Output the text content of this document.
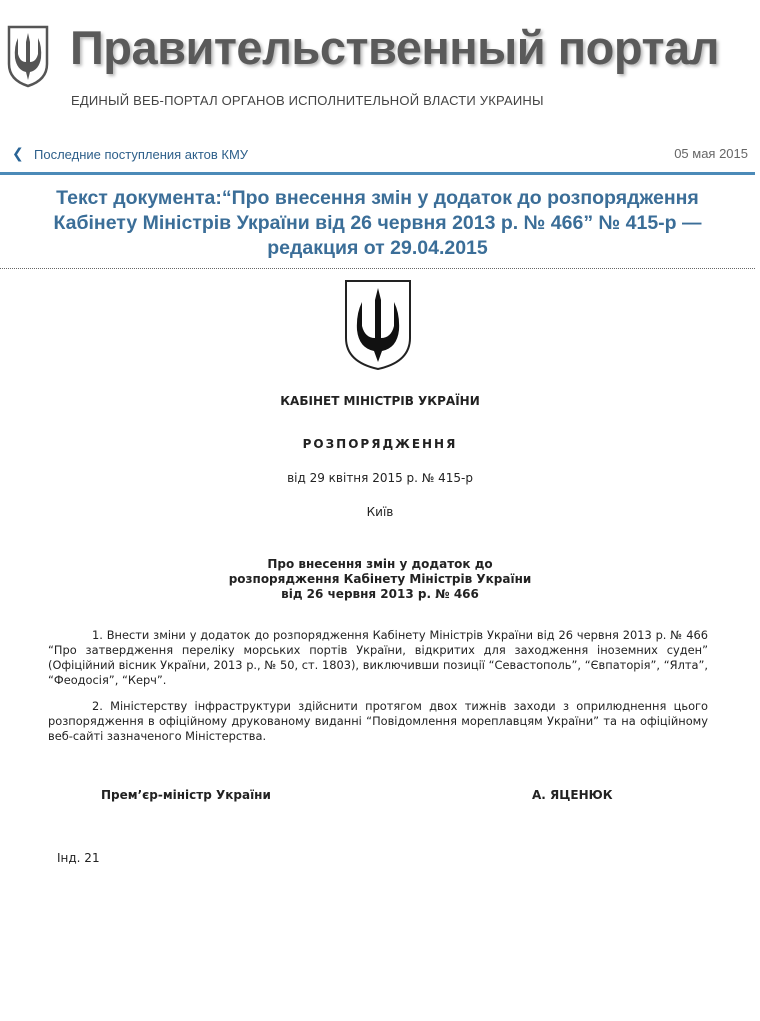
Правительственный портал
ЕДИНЫЙ ВЕБ-ПОРТАЛ ОРГАНОВ ИСПОЛНИТЕЛЬНОЙ ВЛАСТИ УКРАИНЫ
❮ Последние поступления актов КМУ	05 мая 2015
Текст документа:“Про внесення змін у додаток до розпорядження Кабінету Міністрів України від 26 червня 2013 р. № 466” № 415-р — редакция от 29.04.2015
КАБІНЕТ МІНІСТРІВ УКРАЇНИ
РОЗПОРЯДЖЕННЯ
від 29 квітня 2015 р. № 415-р
Київ
Про внесення змін у додаток до
розпорядження Кабінету Міністрів України
від 26 червня 2013 р. № 466
1. Внести зміни у додаток до розпорядження Кабінету Міністрів України від 26 червня 2013 р. № 466 “Про затвердження переліку морських портів України, відкритих для заходження іноземних суден” (Офіційний вісник України, 2013 р., № 50, ст. 1803), виключивши позиції “Севастополь”, “Євпаторія”, “Ялта”, “Феодосія”, “Керч”.
2. Міністерству інфраструктури здійснити протягом двох тижнів заходи з оприлюднення цього розпорядження в офіційному друкованому виданні “Повідомлення мореплавцям України” та на офіційному веб-сайті зазначеного Міністерства.
Прем’єр-міністр України	А. ЯЦЕНЮК
Інд. 21
